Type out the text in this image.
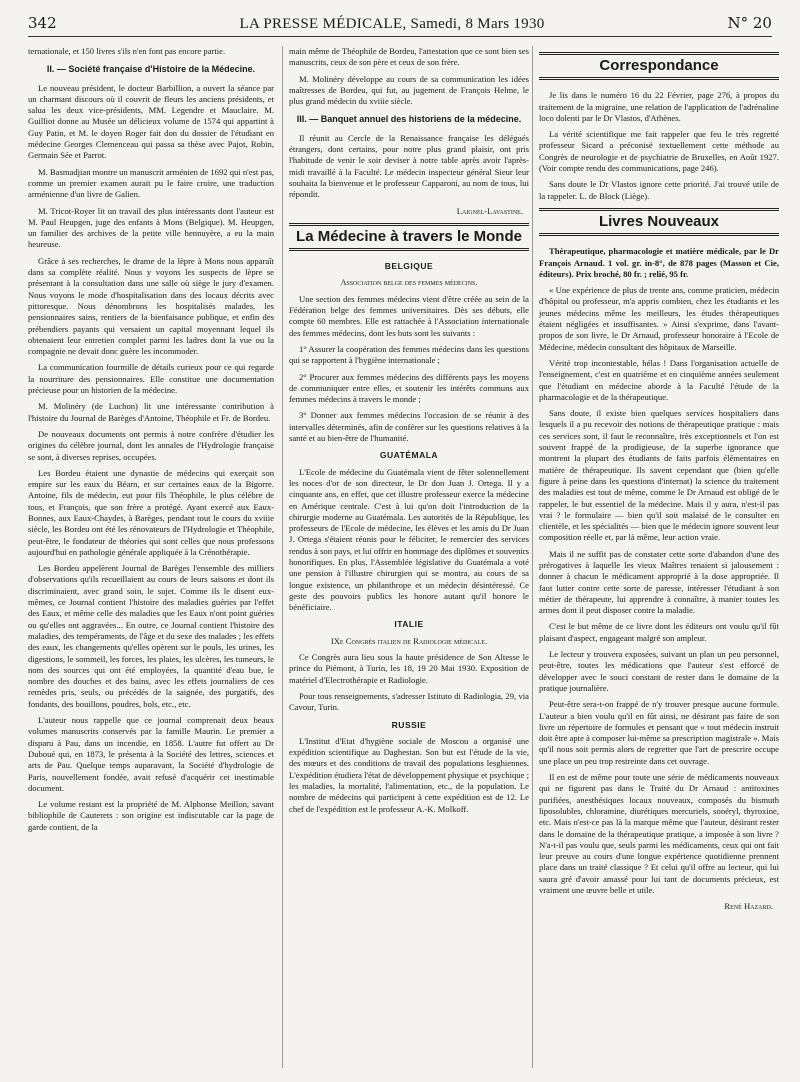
342	LA PRESSE MÉDICALE, Samedi, 8 Mars 1930	N° 20

ternationale, et 150 livres s'ils n'en font pas encore partie.

II. — Société française d'Histoire de la Médecine.

Le nouveau président, le docteur Barbillion, a ouvert la séance par un charmant discours où il couvrit de fleurs les anciens présidents, et salua les deux vice-présidents, MM. Legendre et Mauclaire. M. Guilliot donne au Musée un délicieux volume de 1574 qui appartint à Guy Patin, et M. le doyen Roger fait don du dossier de l'étudiant en médecine Georges Clemenceau qui passa sa thèse avec Pajot, Robin, Germain Sée et Parrot.

M. Basmadjian montre un manuscrit arménien de 1692 qui n'est pas, comme un premier examen aurait pu le faire croire, une traduction arménienne d'un livre de Galien.

M. Tricot-Royer lit un travail des plus intéressants dont l'auteur est M. Paul Heupgen, juge des enfants à Mons (Belgique). M. Heupgen, un familier des archives de la petite ville hennuyère, a eu la main heureuse.

Grâce à ses recherches, le drame de la lèpre à Mons nous apparaît dans sa complète réalité. Nous y voyons les suspects de lèpre se présentant à la consultation dans une salle où siège le jury d'examen. Nous voyons le mode d'hospitalisation dans des locaux décrits avec pittoresque. Nous dénombrons les hospitalisés malades, les pensionnaires sains, rentiers de la bienfaisance publique, et enfin des prébendiers payants qui versaient un capital moyennant lequel ils obtenaient leur entretien complet parmi les ladres dont la vue ou la compagnie ne devait donc guère les incommoder.

La communication fourmille de détails curieux pour ce qui regarde la nourriture des pensionnaires. Elle constitue une documentation précieuse pour un historien de la médecine.

M. Molinéry (de Luchon) lit une intéressante contribution à l'histoire du Journal de Barèges d'Antoine, Théophile et Fr. de Bordeu.

De nouveaux documents ont permis à notre confrère d'étudier les origines du célèbre journal, dont les annales de l'Hydrologie française se sont, à diverses reprises, occupées.

Les Bordeu étaient une dynastie de médecins qui exerçait son empire sur les eaux du Béarn, et sur certaines eaux de la Bigorre. Antoine, fils de médecin, eut pour fils Théophile, le plus célèbre de tous, et François, que son frère a protégé. Ayant exercé aux Eaux-Bonnes, aux Eaux-Chaydes, à Barèges, pendant tout le cours du xviiie siècle, les Bordeu ont été les rénovateurs de l'Hydrologie et Théophile, peut-être, le fondateur de théories qui sont celles que nous professons aujourd'hui en pathologie générale appliquée à la Crénothérapie.

Les Bordeu appelèrent Journal de Barèges l'ensemble des milliers d'observations qu'ils recueillaient au cours de leurs saisons et dont ils discriminaient, avec grand soin, le sujet. Comme ils le disent eux-mêmes, ce Journal contient l'histoire des maladies guéries par l'effet des Eaux, et même celle des maladies que les Eaux n'ont point guéries ou qu'elles ont aggravées... En outre, ce Journal contient l'histoire des maladies, des tempéraments, de l'âge et du sexe des malades ; les effets des eaux, les changements qu'elles opèrent sur le pouls, les urines, les digestions, le sommeil, les forces, les plaies, les ulcères, les tumeurs, le nom des sources qui ont été employées, la quantité d'eau bue, le nombre des douches et des bains, avec les effets journaliers de ces remèdes pris, seuls, ou précédés de la saignée, des purgatifs, des fondants, des bouillons, poudres, bols, etc., etc.

L'auteur nous rappelle que ce journal comprenait deux beaux volumes manuscrits conservés par la famille Maurin. Le premier a disparu à Pau, dans un incendie, en 1858. L'autre fut offert au Dr Duboué qui, en 1873, le présenta à la Société des lettres, sciences et arts de Pau. Quelque temps auparavant, la Société d'hydrologie de Paris, nouvellement fondée, avait refusé d'acquérir cet inestimable document.

Le volume restant est la propriété de M. Alphonse Meillon, savant bibliophile de Cauterets : son origine est indiscutable car la page de garde contient, de la

main même de Théophile de Bordeu, l'attestation que ce sont bien ses manuscrits, ceux de son père et ceux de son frère.

M. Molinéry développe au cours de sa communication les idées maîtresses de Bordeu, qui fut, au jugement de François Helme, le plus grand médecin du xviiie siècle.

III. — Banquet annuel des historiens de la médecine.

Il réunit au Cercle de la Renaissance française les délégués étrangers, dont certains, pour notre plus grand plaisir, ont pris l'habitude de venir le soir deviser à notre table après avoir l'après-midi travaillé à la Faculté. Le médecin inspecteur général Sieur leur souhaita la bienvenue et le professeur Capparoni, au nom de tous, lui répondit.

Laignel-Lavastine.
La Médecine à travers le Monde
BELGIQUE
Association belge des femmes médecins.

Une section des femmes médecins vient d'être créée au sein de la Fédération belge des femmes universitaires. Dès ses débuts, elle compte 60 membres. Elle est rattachée à l'Association internationale des femmes médecins, dont les buts sont les suivants :

1° Assurer la coopération des femmes médecins dans les questions qui se rapportent à l'hygiène internationale ;

2° Procurer aux femmes médecins des différents pays les moyens de communiquer entre elles, et soutenir les intérêts communs aux femmes médecins à travers le monde ;

3° Donner aux femmes médecins l'occasion de se réunir à des intervalles déterminés, afin de conférer sur les questions relatives à la santé et au bien-être de l'humanité.

GUATÉMALA

L'Ecole de médecine du Guatémala vient de fêter solennellement les noces d'or de son directeur, le Dr don Juan J. Ortega. Il y a cinquante ans, en effet, que cet illustre professeur exerce la médecine en Amérique centrale. C'est à lui qu'on doit l'introduction de la chirurgie moderne au Guatémala. Les autorités de la République, les professeurs de l'Ecole de médecine, les élèves et les amis du Dr Juan J. Ortega s'étaient réunis pour le féliciter, le remercier des services rendus à son pays, et lui offrir en hommage des diplômes et souvenirs honorifiques. En plus, l'Assemblée législative du Guatémala a voté une pension à l'illustre chirurgien qui se montra, au cours de sa longue existence, un philanthrope et un médecin désintéressé. Ce geste des pouvoirs publics les honore autant qu'il honore le bénéficiaire.

ITALIE
IXe Congrès italien de Radiologie médicale.

Ce Congrès aura lieu sous la haute présidence de Son Altesse le prince du Piémont, à Turin, les 18, 19 20 Mai 1930. Exposition de matériel d'Electrothérapie et Radiologie.

Pour tous renseignements, s'adresser Istituto di Radiologia, 29, via Cavour, Turin.

RUSSIE

L'Institut d'Etat d'hygiène sociale de Moscou a organisé une expédition scientifique au Daghestan. Son but est l'étude de la vie, des mœurs et des conditions de travail des populations lesghiennes. L'expédition étudiera l'état de développement physique et psychique ; les maladies, la mortalité, l'alimentation, etc., de la population. Le nombre de médecins qui participent à cette expédition est de 12. Le chef de l'expédition est le professeur A.-K. Molkoff.

Correspondance

Je lis dans le numéro 16 du 22 Février, page 276, à propos du traitement de la migraine, une relation de l'application de l'adrénaline loco dolenti par le Dr Vlastos, d'Athènes.

La vérité scientifique me fait rappeler que feu le très regretté professeur Sicard a préconisé textuellement cette méthode au Congrès de neurologie et de psychiatrie de Bruxelles, en Août 1927. (Voir compte rendu des communications, page 246).

Sans doute le Dr Vlastos ignore cette priorité. J'ai trouvé utile de la rappeler. L. de Block (Liège).

Livres Nouveaux

Thérapeutique, pharmacologie et matière médicale, par le Dr François Arnaud. 1 vol. gr. in-8°, de 878 pages (Masson et Cie, éditeurs). Prix broché, 80 fr. ; relié, 95 fr.

« Une expérience de plus de trente ans, comme praticien, médecin d'hôpital ou professeur, m'a appris combien, chez les étudiants et les jeunes médecins même les meilleurs, les études thérapeutiques étaient négligées et insuffisantes. » Ainsi s'exprime, dans l'avant-propos de son livre, le Dr Arnaud, professeur honoraire à l'Ecole de Médecine, médecin consultant des hôpitaux de Marseille.

Vérité trop incontestable, hélas ! Dans l'organisation actuelle de l'enseignement, c'est en quatrième et en cinquième années seulement que l'étudiant en médecine aborde à la Faculté l'étude de la pharmacologie et de la thérapeutique.

Sans doute, il existe bien quelques services hospitaliers dans lesquels il a pu recevoir des notions de thérapeutique pratique : mais ces services sont, il faut le reconnaître, très exceptionnels et l'on est souvent frappé de la prodigieuse, de la superbe ignorance que montrent la plupart des étudiants de faits parfois élémentaires en matière de thérapeutique. Ils savent cependant que (bien qu'elle figure à peine dans les questions d'internat) la science du traitement des maladies est tout de même, comme le Dr Arnaud est obligé de le rappeler, le but essentiel de la médecine. Mais il y aura, n'est-il pas vrai ? le formulaire — bien qu'il soit malaisé de le consulter en clientèle, et les spécialités — bien que le médecin ignore souvent leur composition réelle et, par là même, leur action vraie.

Mais il ne suffit pas de constater cette sorte d'abandon d'une des prérogatives à laquelle les vieux Maîtres tenaient si jalousement : donner à chacun le médicament approprié à la dose appropriée. Il faut lutter contre cette sorte de paresse, intéresser l'étudiant à son métier de thérapeute, lui apprendre à connaître, à manier toutes les armes dont il peut disposer contre la maladie.

C'est le but même de ce livre dont les éditeurs ont voulu qu'il fût plaisant d'aspect, engageant malgré son ampleur.

Le lecteur y trouvera exposées, suivant un plan un peu personnel, peut-être, toutes les médications que l'auteur s'est efforcé de développer avec le souci constant de rester dans le domaine de la pratique journalière.

Peut-être sera-t-on frappé de n'y trouver presque aucune formule. L'auteur a bien voulu qu'il en fût ainsi, ne désirant pas faire de son livre un répertoire de formules et pensant que « tout médecin instruit doit être apte à composer lui-même sa prescription magistrale ». Mais qu'il nous soit permis alors de regretter que l'art de prescrire occupe une place un peu trop restreinte dans cet ouvrage.

Il en est de même pour toute une série de médicaments nouveaux qui ne figurent pas dans le Traité du Dr Arnaud : antitoxines purifiées, anesthésiques locaux nouveaux, composés du bismuth liposolubles, chloramine, diurétiques mercuriels, sonéryl, thyroxine, etc. Mais n'est-ce pas là la marque même que l'auteur, désirant rester dans le domaine de la thérapeutique pratique, a imposée à son livre ? N'a-t-il pas voulu que, seuls parmi les médicaments, ceux qui ont fait leur preuve au cours d'une longue expérience quotidienne prennent place dans un traité classique ? Et celui qu'il offre au lecteur, qui lui saura gré d'avoir amassé pour lui tant de documents précieux, est vraiment une œuvre belle et utile.

René Hazard.
